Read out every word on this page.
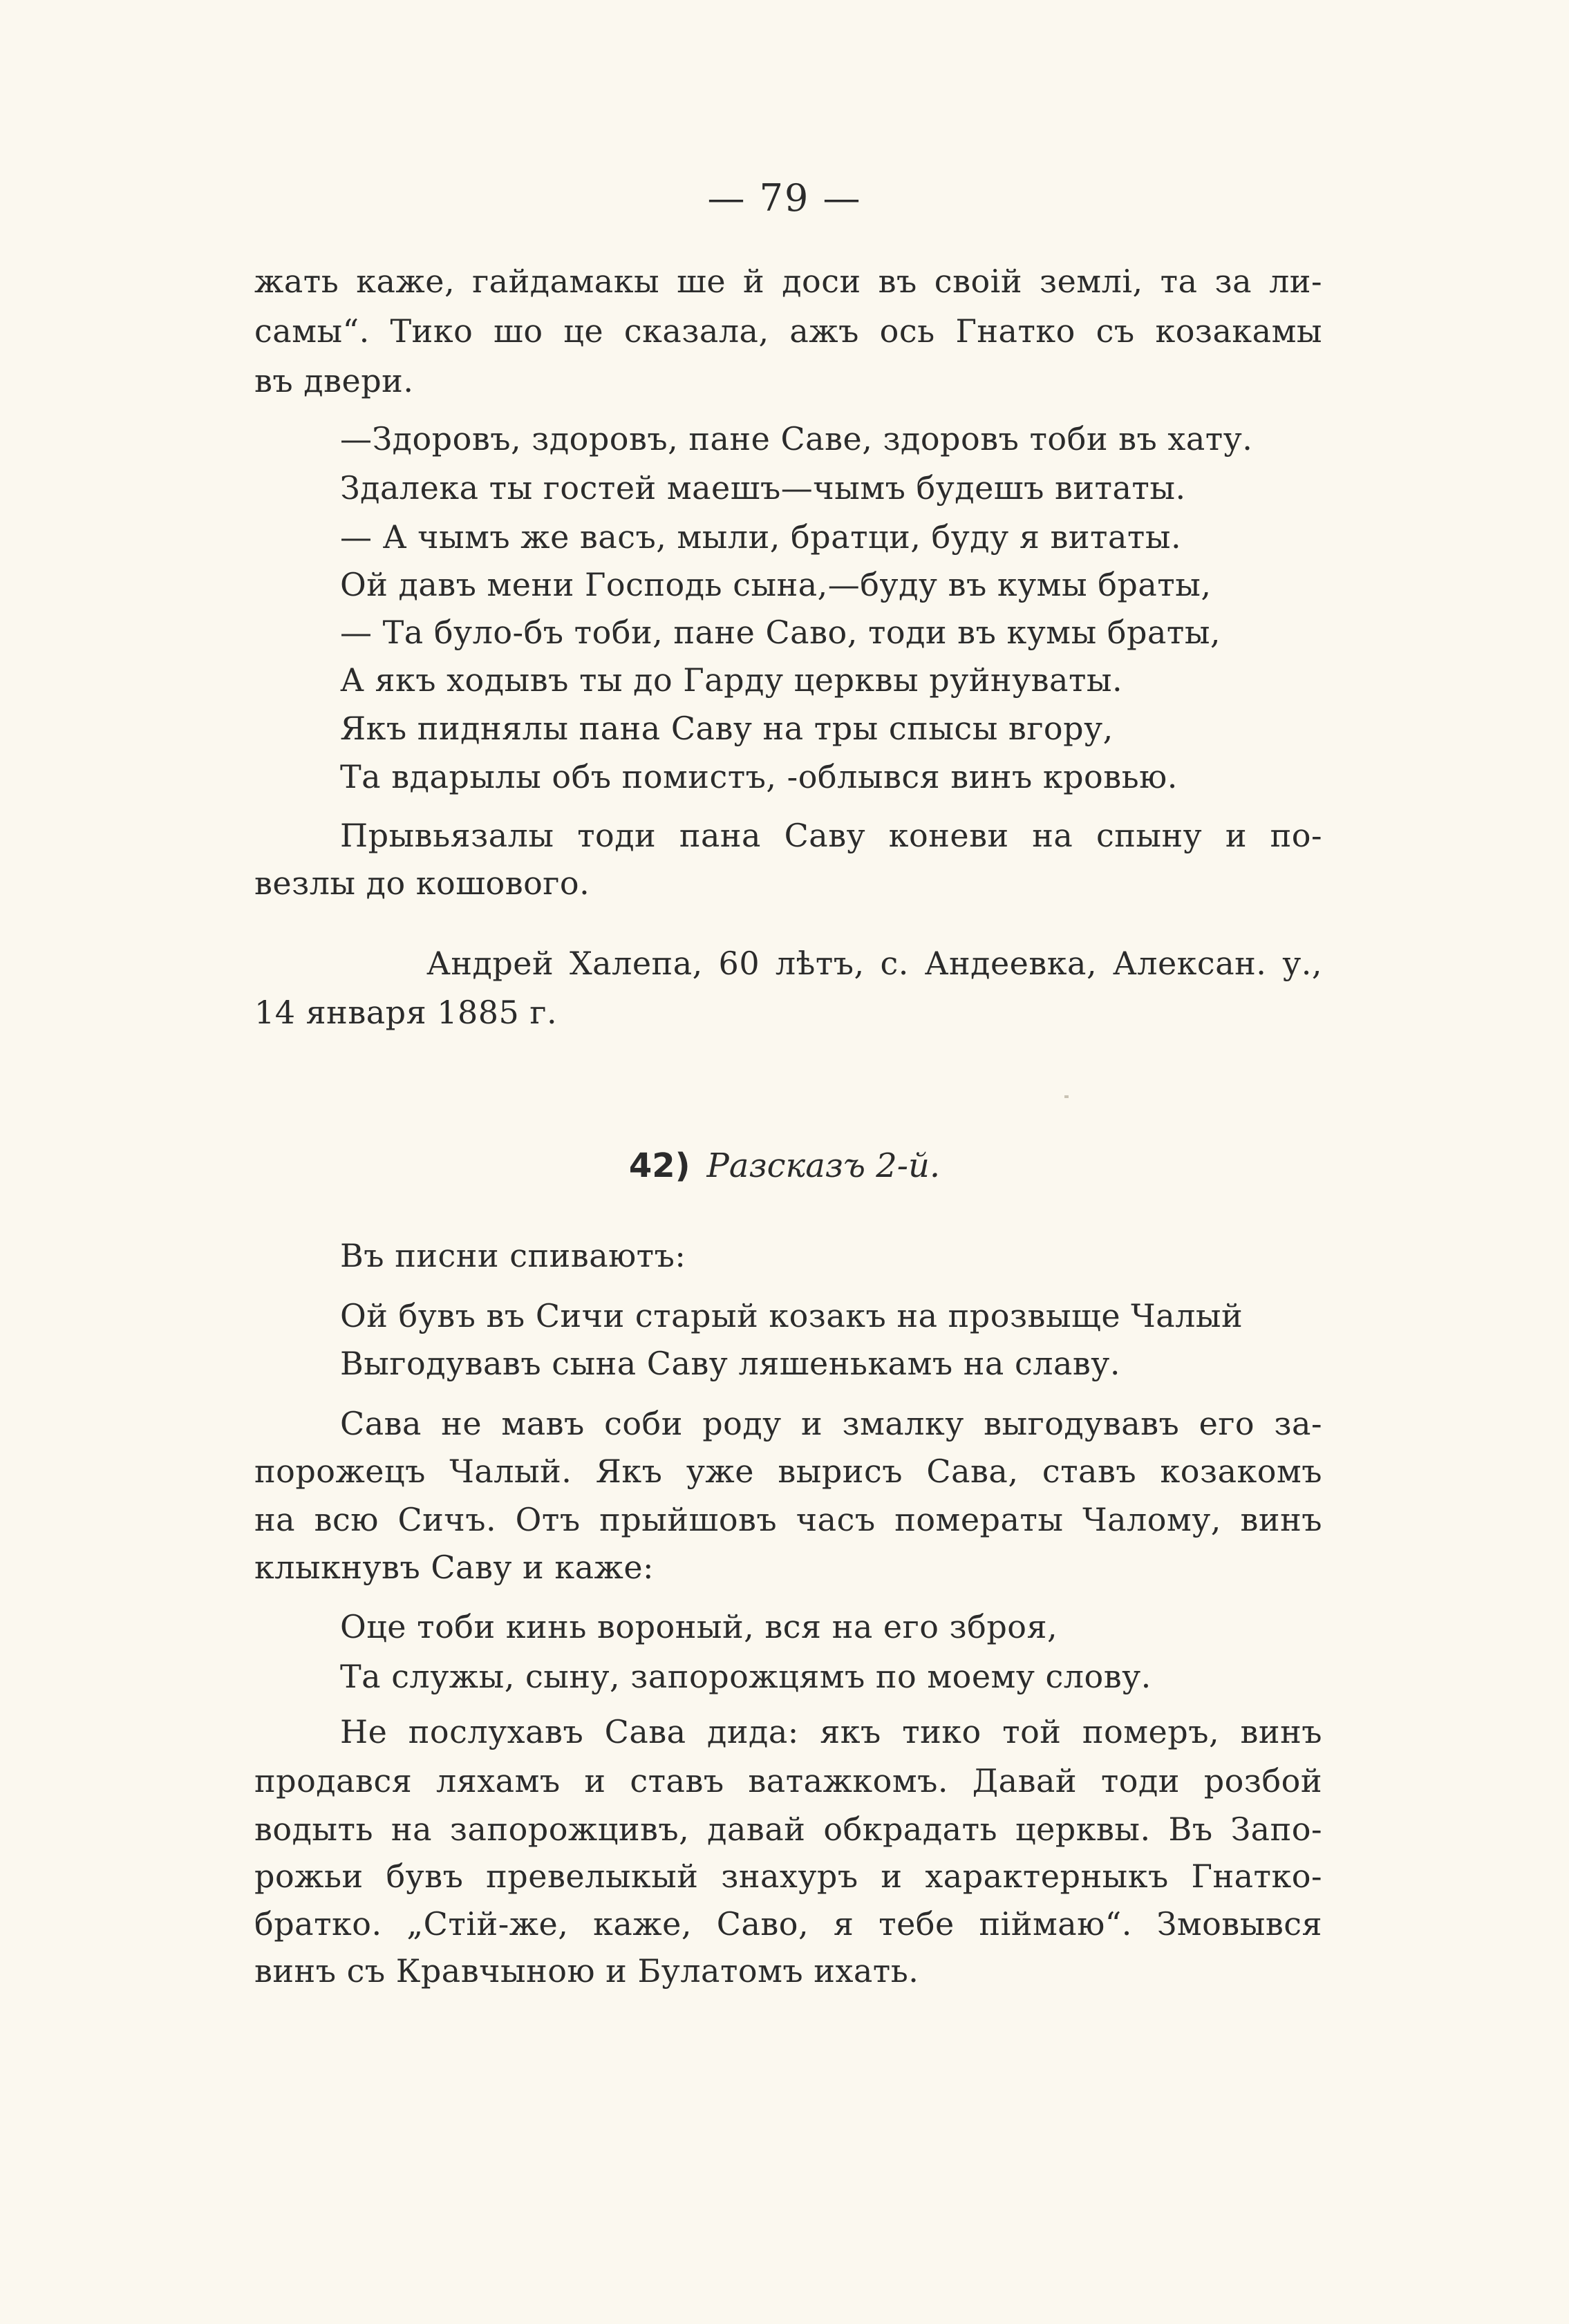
— 79 —
жать каже, гайдамакы ше й доси въ своiй землi, та за ли-
самы“. Тико шо це сказала, ажъ ось Гнатко съ козакамы
въ двери.
—Здоровъ, здоровъ, пане Саве, здоровъ тоби въ хату.
Здалека ты гостей маешъ—чымъ будешъ витаты.
— А чымъ же васъ, мыли, братци, буду я витаты.
Ой давъ мени Господь сына,—буду въ кумы браты,
— Та було-бъ тоби, пане Саво, тоди въ кумы браты,
А якъ ходывъ ты до Гарду церквы руйнуваты.
Якъ пиднялы пана Саву на тры спысы вгору,
Та вдарылы объ помистъ, -облывся винъ кровью.
Прывьязалы тоди пана Саву коневи на спыну и по-
везлы до кошового.
Андрей Халепа, 60 лѣтъ, с. Андеевка, Алексан. у.,
14 января 1885 г.
42) Разсказъ 2-й.
Въ писни спиваютъ:
Ой бувъ въ Сичи старый козакъ на прозвыще Чалый
Выгодувавъ сына Саву ляшенькамъ на славу.
Сава не мавъ соби роду и змалку выгодувавъ его за-
порожецъ Чалый. Якъ уже вырисъ Сава, ставъ козакомъ
на всю Сичъ. Отъ прыйшовъ часъ помераты Чалому, винъ
клыкнувъ Саву и каже:
Оце тоби кинь вороный, вся на его зброя,
Та служы, сыну, запорожцямъ по моему слову.
Не послухавъ Сава дида: якъ тико той померъ, винъ
продався ляхамъ и ставъ ватажкомъ. Давай тоди розбой
водыть на запорожцивъ, давай обкрадать церквы. Въ Запо-
рожьи бувъ превелыкый знахуръ и характерныкъ Гнатко-
братко. „Стiй-же, каже, Саво, я тебе пiймаю“. Змовывся
винъ съ Кравчыною и Булатомъ ихать.
